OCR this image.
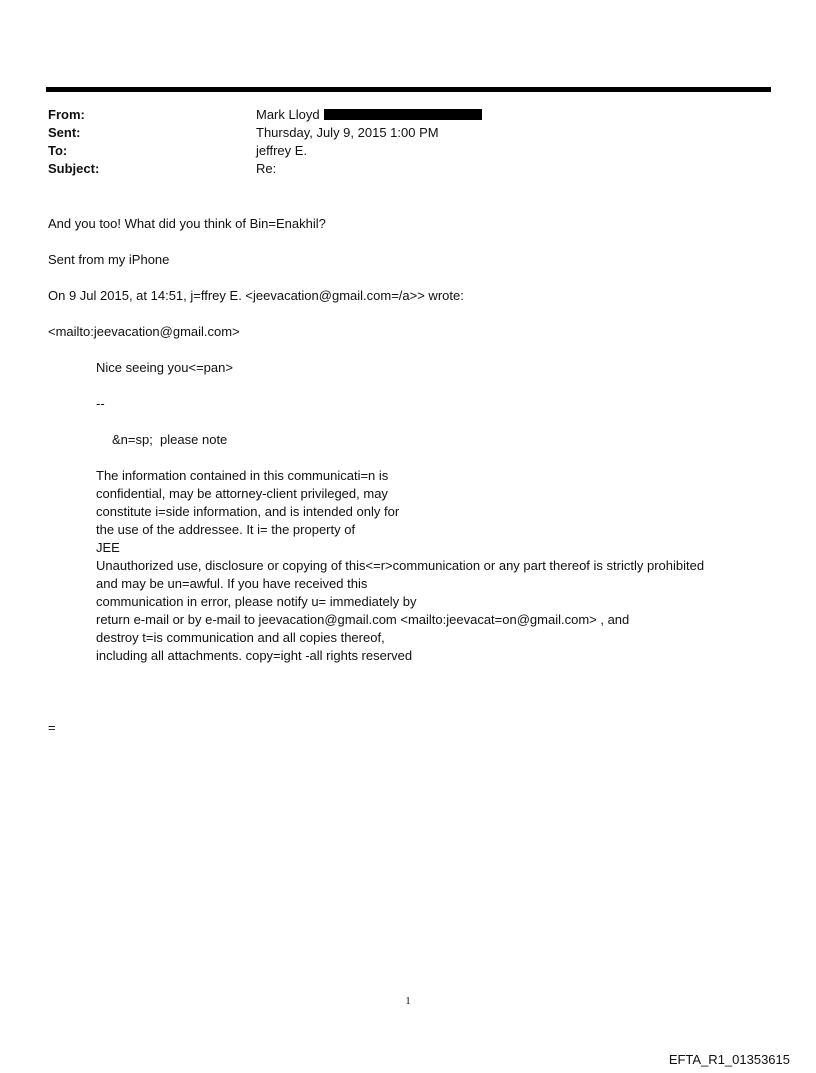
From:	Mark Lloyd
Sent:	Thursday, July 9, 2015 1:00 PM
To:	jeffrey E.
Subject:	Re:
And you too! What did you think of Bin=Enakhil?
Sent from my iPhone
On 9 Jul 2015, at 14:51, j=ffrey E. <jeevacation@gmail.com=/a>> wrote:
<mailto:jeevacation@gmail.com>
Nice seeing you<=pan>
--
&n=sp;  please note
The information contained in this communicati=n is
confidential, may be attorney-client privileged, may
constitute i=side information, and is intended only for
the use of the addressee. It i= the property of
JEE
Unauthorized use, disclosure or copying of this<=r>communication or any part thereof is strictly prohibited
and may be un=awful. If you have received this
communication in error, please notify u= immediately by
return e-mail or by e-mail to jeevacation@gmail.com <mailto:jeevacat=on@gmail.com> , and
destroy t=is communication and all copies thereof,
including all attachments. copy=ight -all rights reserved
=
1
EFTA_R1_01353615
